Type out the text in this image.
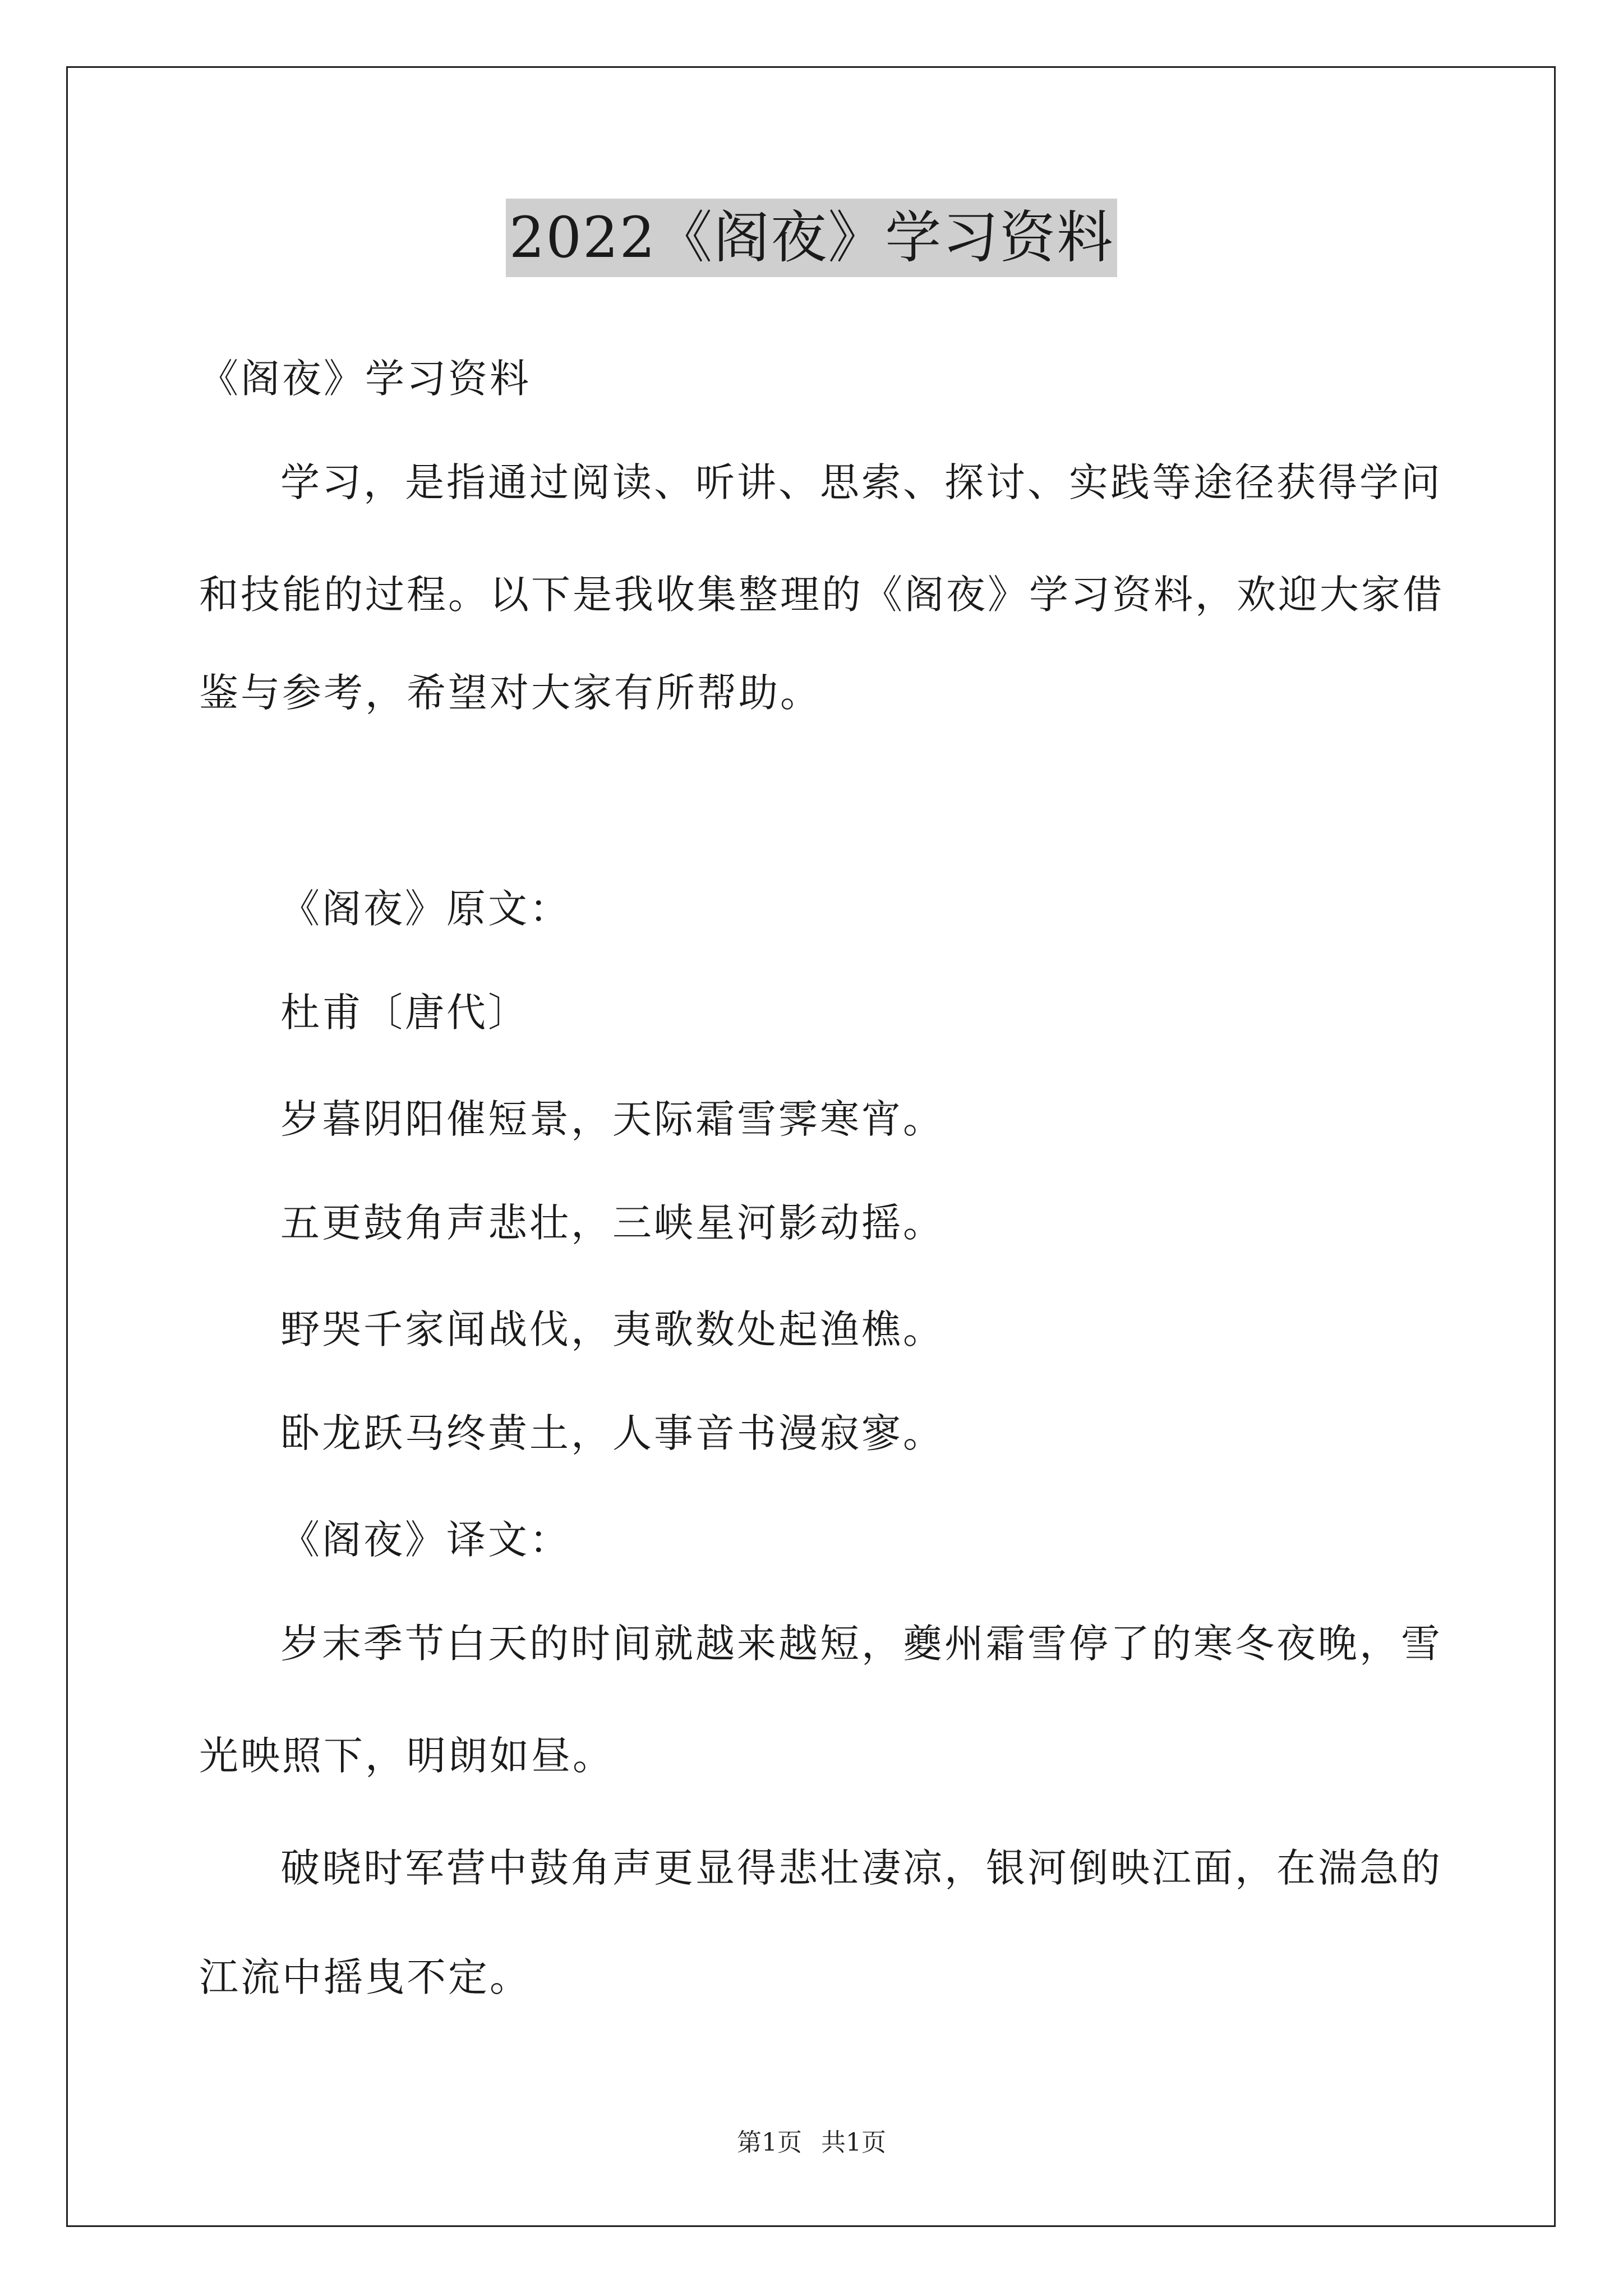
2022《阁夜》学习资料
《阁夜》学习资料
学习，是指通过阅读、听讲、思索、探讨、实践等途径获得学问
和技能的过程。以下是我收集整理的《阁夜》学习资料，欢迎大家借
鉴与参考，希望对大家有所帮助。
《阁夜》原文：
杜甫〔唐代〕
岁暮阴阳催短景，天际霜雪霁寒宵。
五更鼓角声悲壮，三峡星河影动摇。
野哭千家闻战伐，夷歌数处起渔樵。
卧龙跃马终黄土，人事音书漫寂寥。
《阁夜》译文：
岁末季节白天的时间就越来越短，夔州霜雪停了的寒冬夜晚，雪
光映照下，明朗如昼。
破晓时军营中鼓角声更显得悲壮凄凉，银河倒映江面，在湍急的
江流中摇曳不定。
第1页 共1页
